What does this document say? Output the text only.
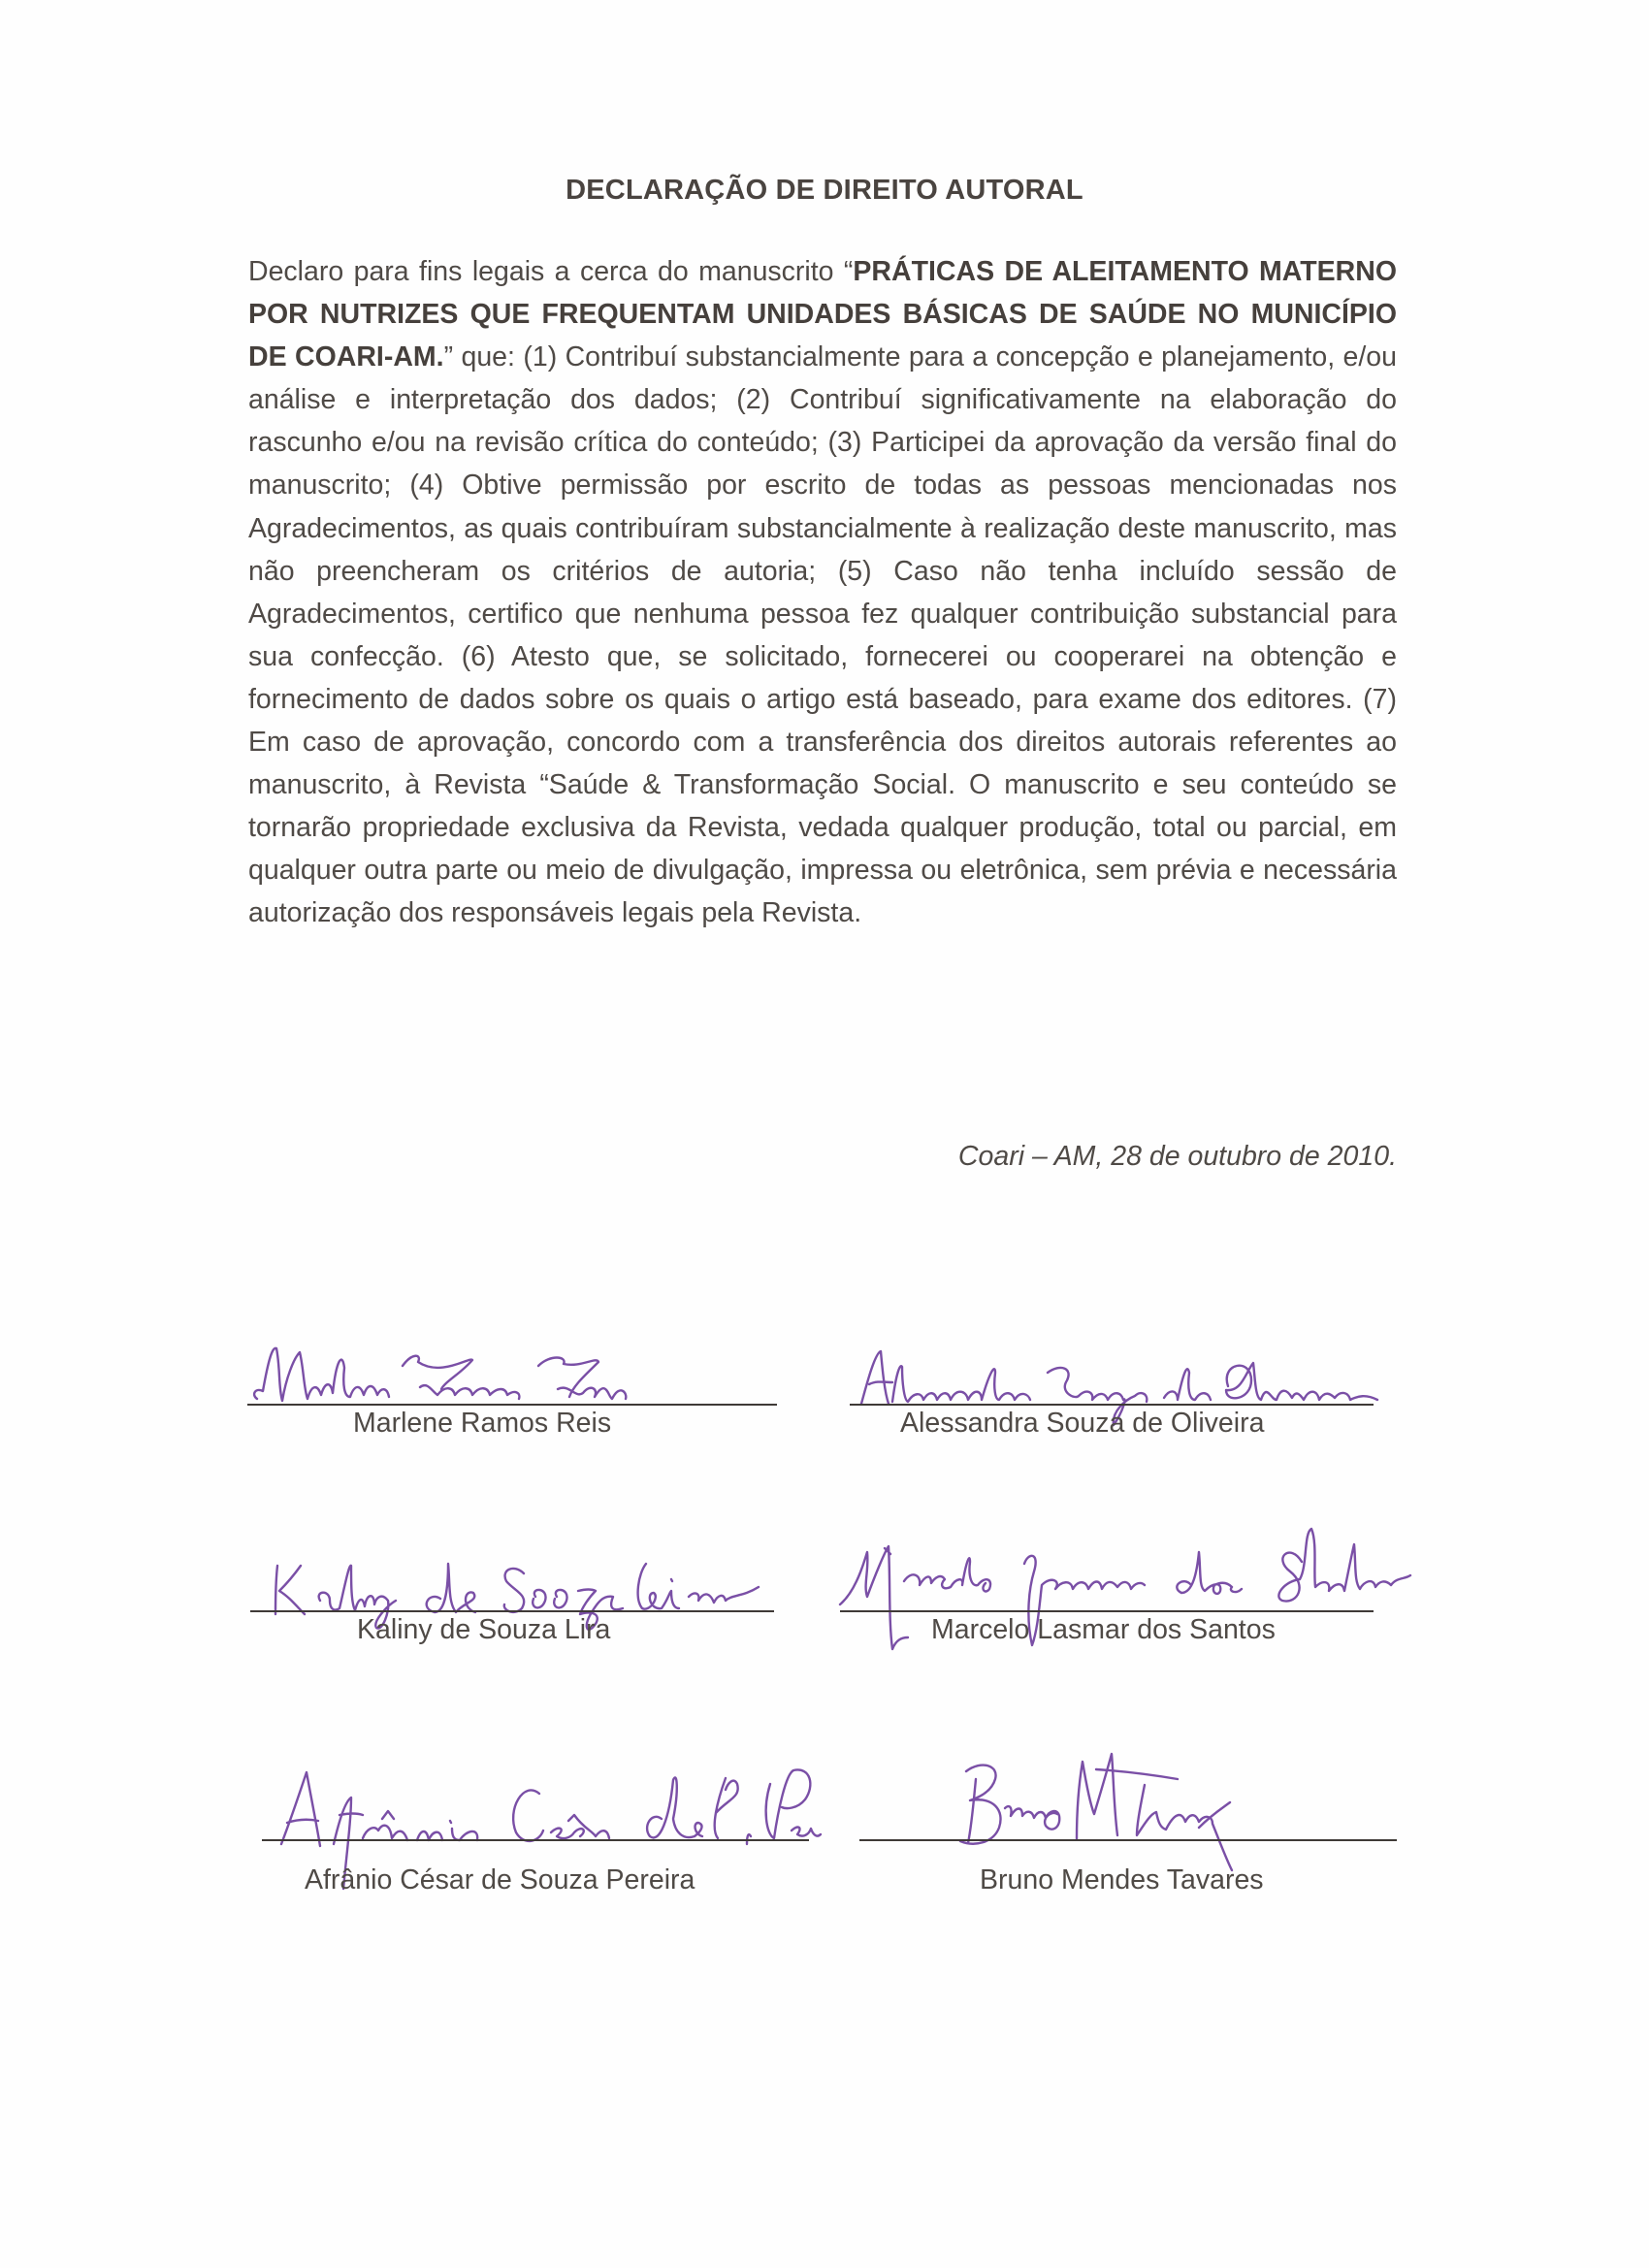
DECLARAÇÃO DE DIREITO AUTORAL
Declaro para fins legais a cerca do manuscrito “PRÁTICAS DE ALEITAMENTO MATERNO POR NUTRIZES QUE FREQUENTAM UNIDADES BÁSICAS DE SAÚDE NO MUNICÍPIO DE COARI-AM.” que: (1) Contribuí substancialmente para a concepção e planejamento, e/ou análise e interpretação dos dados; (2) Contribuí significativamente na elaboração do rascunho e/ou na revisão crítica do conteúdo; (3) Participei da aprovação da versão final do manuscrito; (4) Obtive permissão por escrito de todas as pessoas mencionadas nos Agradecimentos, as quais contribuíram substancialmente à realização deste manuscrito, mas não preencheram os critérios de autoria; (5) Caso não tenha incluído sessão de Agradecimentos, certifico que nenhuma pessoa fez qualquer contribuição substancial para sua confecção. (6) Atesto que, se solicitado, fornecerei ou cooperarei na obtenção e fornecimento de dados sobre os quais o artigo está baseado, para exame dos editores. (7) Em caso de aprovação, concordo com a transferência dos direitos autorais referentes ao manuscrito, à Revista “Saúde & Transformação Social. O manuscrito e seu conteúdo se tornarão propriedade exclusiva da Revista, vedada qualquer produção, total ou parcial, em qualquer outra parte ou meio de divulgação, impressa ou eletrônica, sem prévia e necessária autorização dos responsáveis legais pela Revista.
Coari – AM, 28 de outubro de 2010.
Marlene Ramos Reis	Alessandra Souza de Oliveira
Kaliny de Souza Lira	Marcelo Lasmar dos Santos
Afrânio César de Souza Pereira	Bruno Mendes Tavares
